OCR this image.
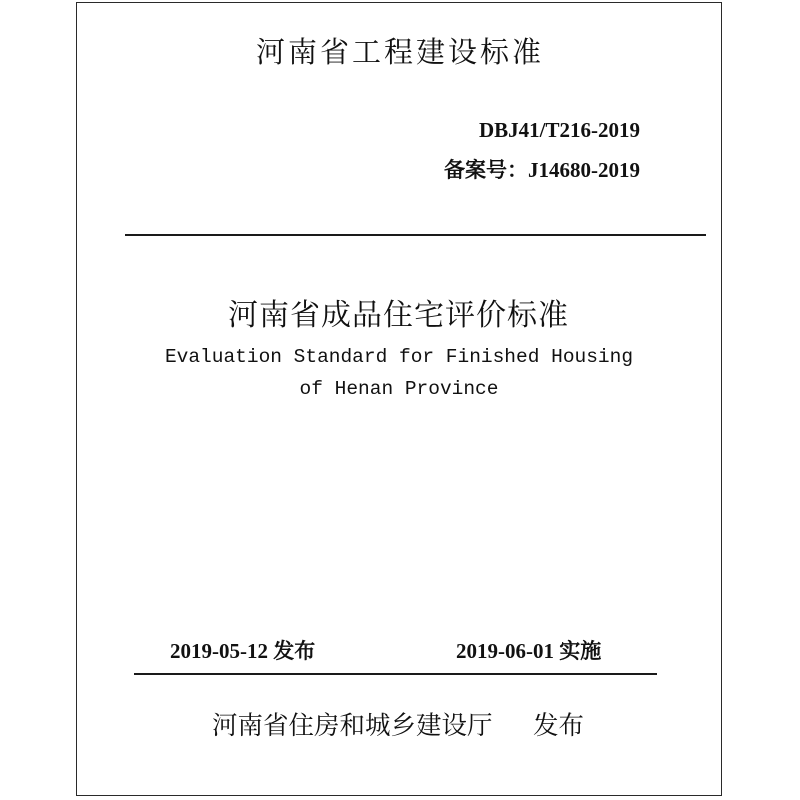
河南省工程建设标准
DBJ41/T216-2019
备案号：J14680-2019
河南省成品住宅评价标准
Evaluation Standard for Finished Housing
of Henan Province
2019-05-12 发布	2019-06-01 实施
河南省住房和城乡建设厅 发布
